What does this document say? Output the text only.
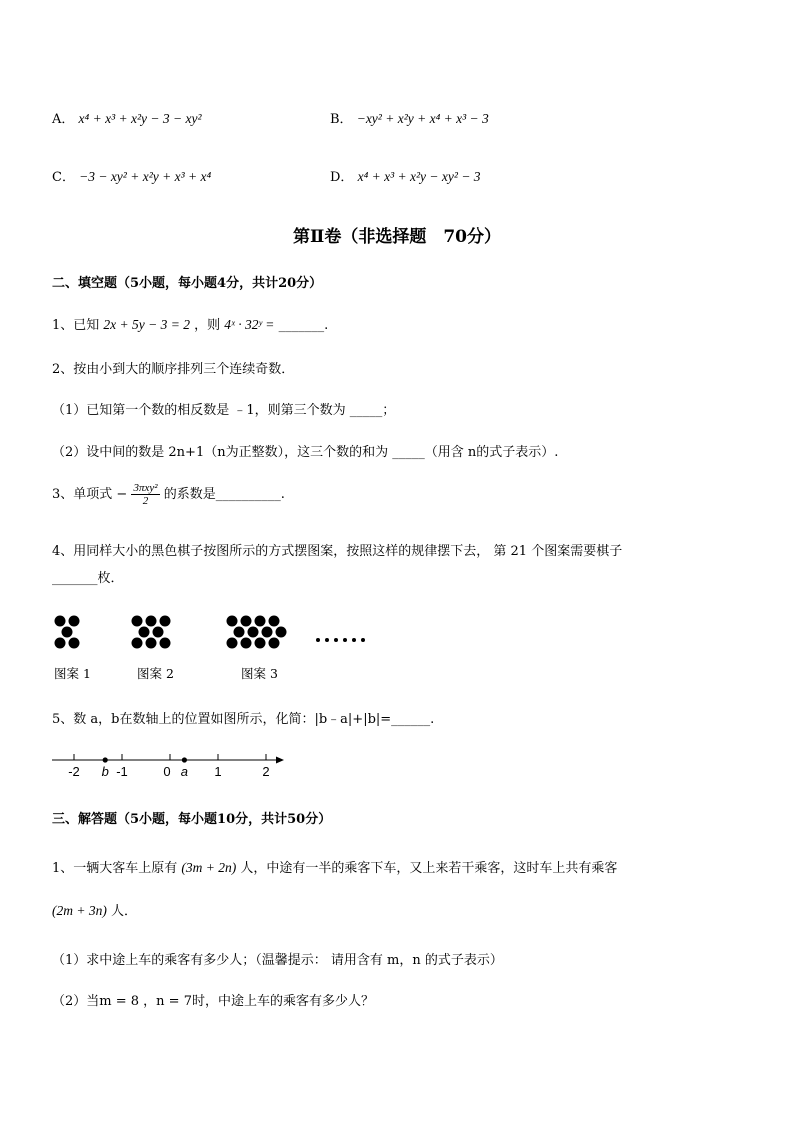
A． x⁴ + x³ + x²y − 3 − xy²	B． −xy² + x²y + x⁴ + x³ − 3
C． −3 − xy² + x²y + x³ + x⁴	D． x⁴ + x³ + x²y − xy² − 3
第Ⅱ卷（非选择题　70分）
二、填空题（5小题，每小题4分，共计20分）
1、已知 2x + 5y − 3 = 2 ，则 4ˣ · 32ʸ = _______.
2、按由小到大的顺序排列三个连续奇数．
（1）已知第一个数的相反数是 ﹣1，则第三个数为 _____；
（2）设中间的数是 2n+1（n为正整数），这三个数的和为 _____（用含 n的式子表示）.
3、单项式 − $\frac{\text{3πxy²}}{2}$ 的系数是__________.
4、用同样大小的黑色棋子按图所示的方式摆图案，按照这样的规律摆下去， 第 21 个图案需要棋子
_______枚．
……
图案 1	图案 2	图案 3
5、数 a，b在数轴上的位置如图所示，化简：|b﹣a|+|b|=______.
-2	-1	0	1	2
b	a
三、解答题（5小题，每小题10分，共计50分）
1、一辆大客车上原有 (3m + 2n) 人，中途有一半的乘客下车，又上来若干乘客，这时车上共有乘客
(2m + 3n) 人．
（1）求中途上车的乘客有多少人；（温馨提示： 请用含有 m，n 的式子表示）
（2）当m = 8 ，n = 7时，中途上车的乘客有多少人？
